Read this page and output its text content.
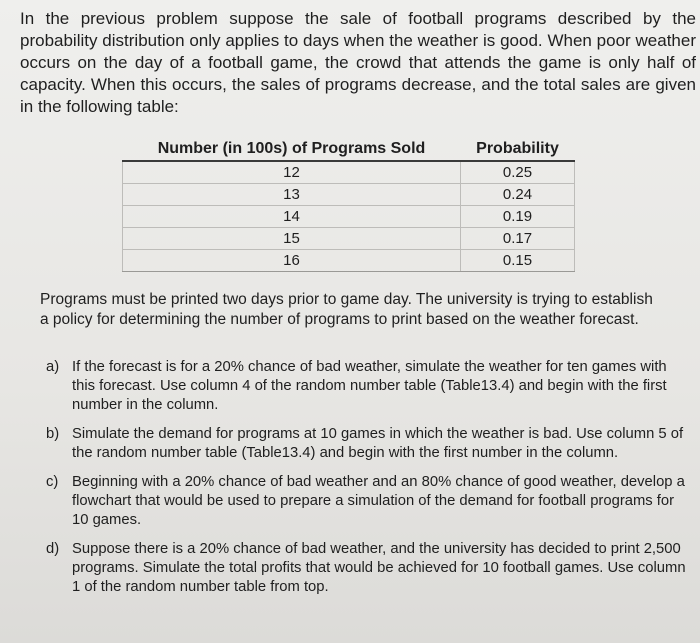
In the previous problem suppose the sale of football programs described by the probability distribution only applies to days when the weather is good. When poor weather occurs on the day of a football game, the crowd that attends the game is only half of capacity. When this occurs, the sales of programs decrease, and the total sales are given in the following table:

Number (in 100s) of Programs Sold	Probability
12	0.25
13	0.24
14	0.19
15	0.17
16	0.15

Programs must be printed two days prior to game day. The university is trying to establish a policy for determining the number of programs to print based on the weather forecast.

a) If the forecast is for a 20% chance of bad weather, simulate the weather for ten games with this forecast. Use column 4 of the random number table (Table13.4) and begin with the first number in the column.

b) Simulate the demand for programs at 10 games in which the weather is bad. Use column 5 of the random number table (Table13.4) and begin with the first number in the column.

c) Beginning with a 20% chance of bad weather and an 80% chance of good weather, develop a flowchart that would be used to prepare a simulation of the demand for football programs for 10 games.

d) Suppose there is a 20% chance of bad weather, and the university has decided to print 2,500 programs. Simulate the total profits that would be achieved for 10 football games. Use column 1 of the random number table from top.
